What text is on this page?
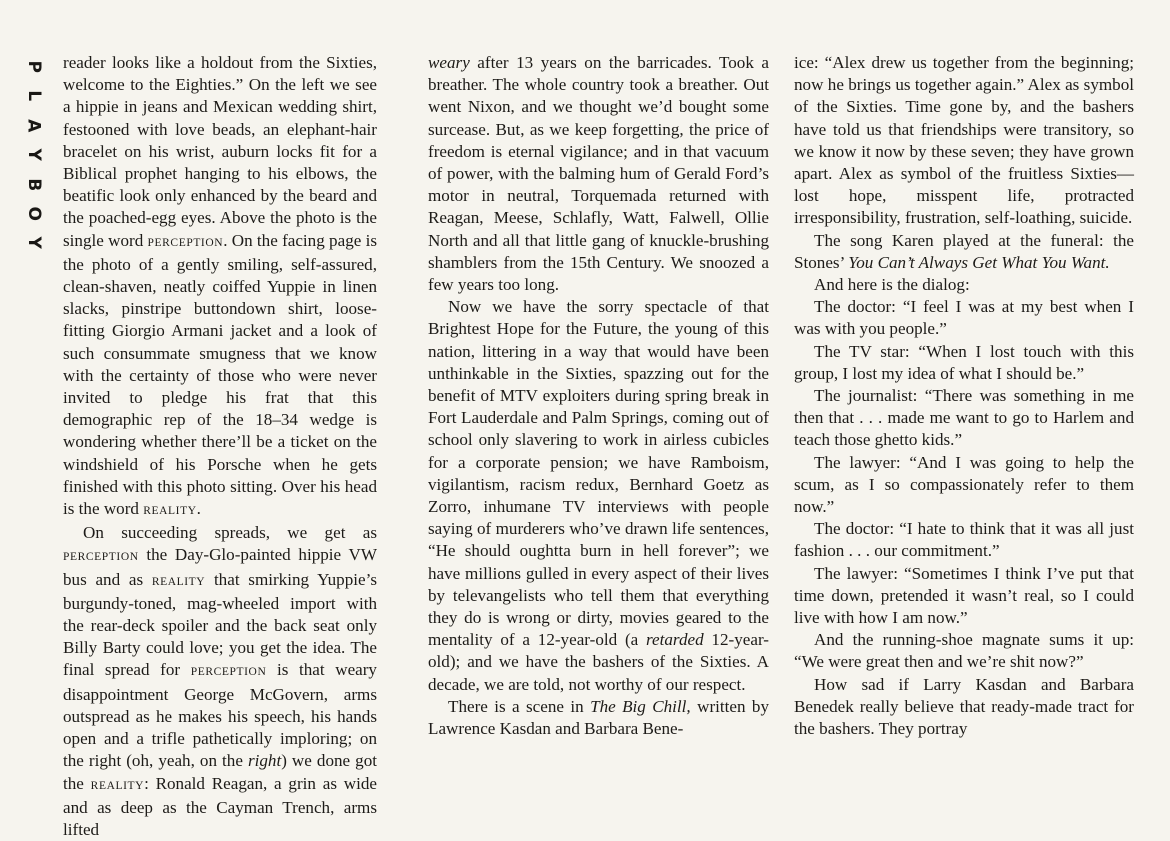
P
L
A
Y
B
O
Y

reader looks like a holdout from the Sixties, welcome to the Eighties.” On the left we see a hippie in jeans and Mexican wedding shirt, festooned with love beads, an elephant-hair bracelet on his wrist, auburn locks fit for a Biblical prophet hanging to his elbows, the beatific look only enhanced by the beard and the poached-egg eyes. Above the photo is the single word PERCEPTION. On the facing page is the photo of a gently smiling, self-assured, clean-shaven, neatly coiffed Yuppie in linen slacks, pinstripe buttondown shirt, loose-fitting Giorgio Armani jacket and a look of such consummate smugness that we know with the certainty of those who were never invited to pledge his frat that this demographic rep of the 18–34 wedge is wondering whether there’ll be a ticket on the windshield of his Porsche when he gets finished with this photo sitting. Over his head is the word REALITY.

On succeeding spreads, we get as PERCEPTION the Day-Glo-painted hippie VW bus and as REALITY that smirking Yuppie’s burgundy-toned, mag-wheeled import with the rear-deck spoiler and the back seat only Billy Barty could love; you get the idea. The final spread for PERCEPTION is that weary disappointment George McGovern, arms outspread as he makes his speech, his hands open and a trifle pathetically imploring; on the right (oh, yeah, on the right) we done got the REALITY: Ronald Reagan, a grin as wide and as deep as the Cayman Trench, arms lifted

weary after 13 years on the barricades. Took a breather. The whole country took a breather. Out went Nixon, and we thought we’d bought some surcease. But, as we keep forgetting, the price of freedom is eternal vigilance; and in that vacuum of power, with the balming hum of Gerald Ford’s motor in neutral, Torquemada returned with Reagan, Meese, Schlafly, Watt, Falwell, Ollie North and all that little gang of knuckle-brushing shamblers from the 15th Century. We snoozed a few years too long.

Now we have the sorry spectacle of that Brightest Hope for the Future, the young of this nation, littering in a way that would have been unthinkable in the Sixties, spazzing out for the benefit of MTV exploiters during spring break in Fort Lauderdale and Palm Springs, coming out of school only slavering to work in airless cubicles for a corporate pension; we have Ramboism, vigilantism, racism redux, Bernhard Goetz as Zorro, inhumane TV interviews with people saying of murderers who’ve drawn life sentences, “He should oughtta burn in hell forever”; we have millions gulled in every aspect of their lives by televangelists who tell them that everything they do is wrong or dirty, movies geared to the mentality of a 12-year-old (a retarded 12-year-old); and we have the bashers of the Sixties. A decade, we are told, not worthy of our respect.

There is a scene in The Big Chill, written by Lawrence Kasdan and Barbara Bene-

ice: “Alex drew us together from the beginning; now he brings us together again.” Alex as symbol of the Sixties. Time gone by, and the bashers have told us that friendships were transitory, so we know it now by these seven; they have grown apart. Alex as symbol of the fruitless Sixties—lost hope, misspent life, protracted irresponsibility, frustration, self-loathing, suicide.

The song Karen played at the funeral: the Stones’ You Can’t Always Get What You Want.

And here is the dialog:

The doctor: “I feel I was at my best when I was with you people.”

The TV star: “When I lost touch with this group, I lost my idea of what I should be.”

The journalist: “There was something in me then that . . . made me want to go to Harlem and teach those ghetto kids.”

The lawyer: “And I was going to help the scum, as I so compassionately refer to them now.”

The doctor: “I hate to think that it was all just fashion . . . our commitment.”

The lawyer: “Sometimes I think I’ve put that time down, pretended it wasn’t real, so I could live with how I am now.”

And the running-shoe magnate sums it up: “We were great then and we’re shit now?”

How sad if Larry Kasdan and Barbara Benedek really believe that ready-made tract for the bashers. They portray
